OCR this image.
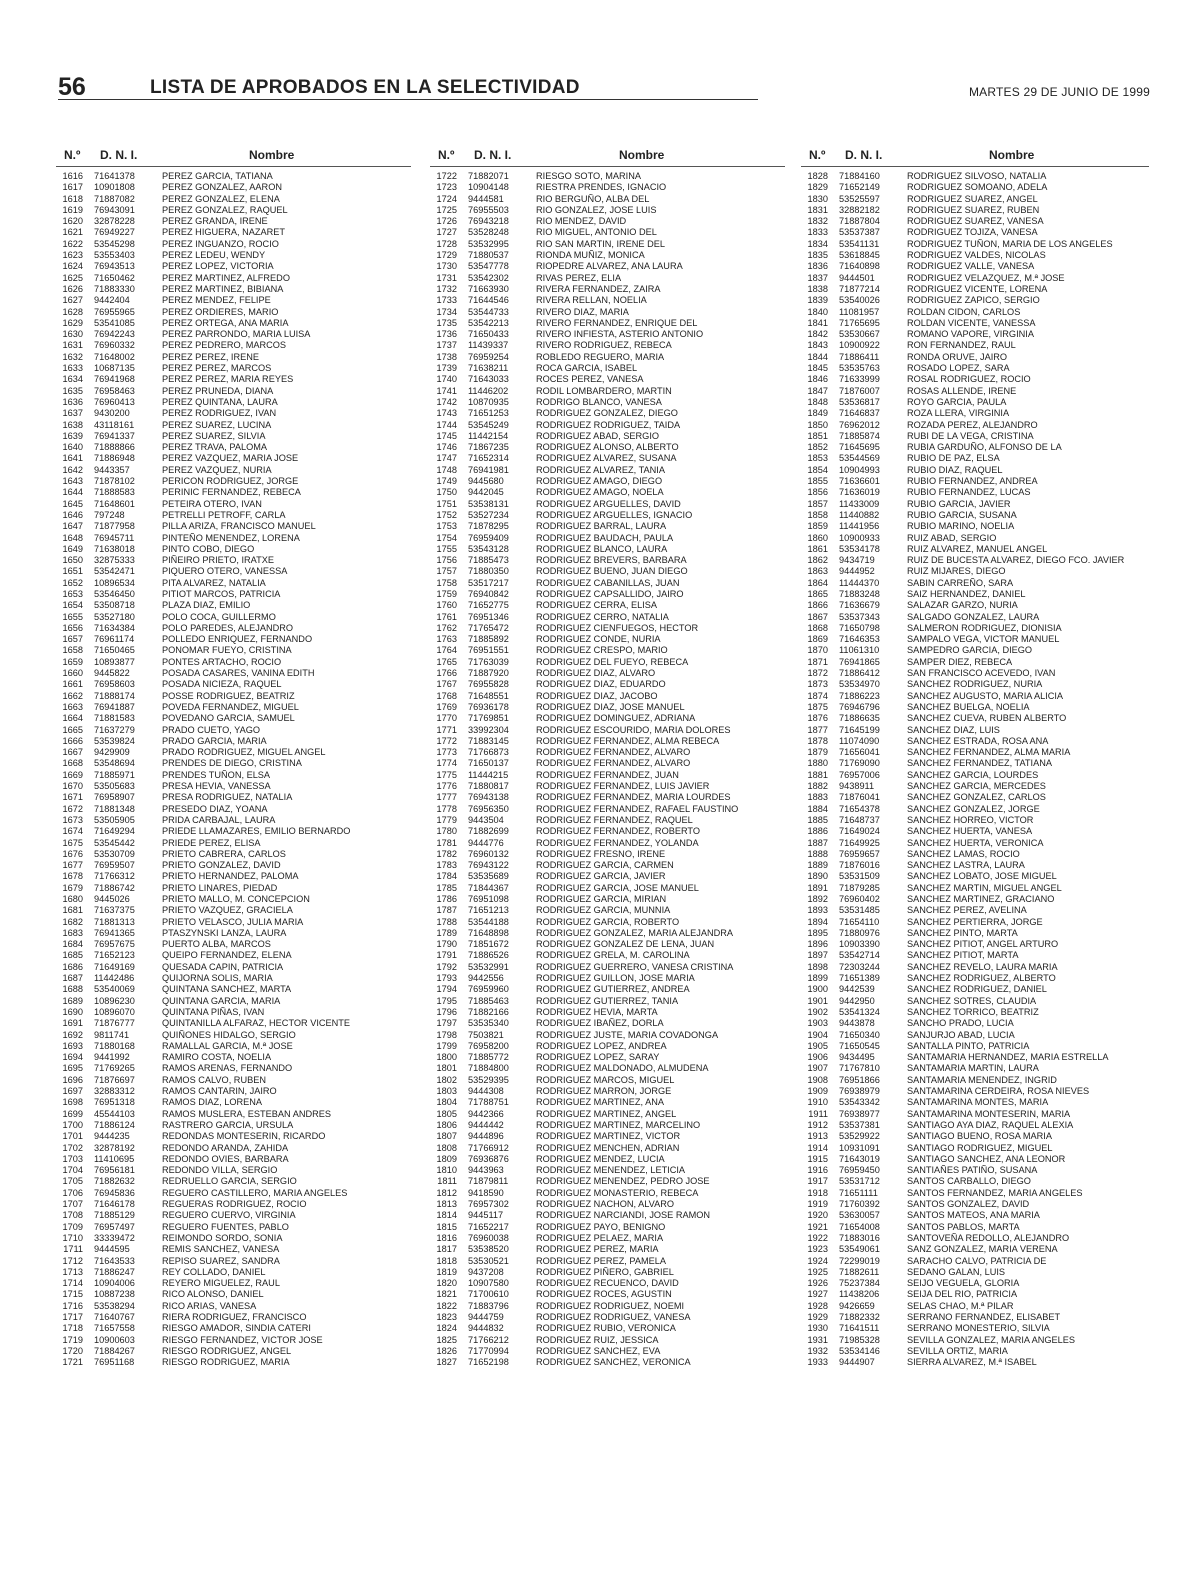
56	LISTA DE APROBADOS EN LA SELECTIVIDAD	MARTES 29 DE JUNIO DE 1999
N.º D. N. I.	Nombre
1616 71641378	PEREZ GARCIA, TATIANA
1617 10901808	PEREZ GONZALEZ, AARON
1618 71887082	PEREZ GONZALEZ, ELENA
1619 76943091	PEREZ GONZALEZ, RAQUEL
1620 32878228	PEREZ GRANDA, IRENE
1621 76949227	PEREZ HIGUERA, NAZARET
1622 53545298	PEREZ INGUANZO, ROCIO
1623 53553403	PEREZ LEDEU, WENDY
1624 76943513	PEREZ LOPEZ, VICTORIA
1625 71650462	PEREZ MARTINEZ, ALFREDO
1626 71883330	PEREZ MARTINEZ, BIBIANA
1627 9442404	PEREZ MENDEZ, FELIPE
1628 76955965	PEREZ ORDIERES, MARIO
1629 53541085	PEREZ ORTEGA, ANA MARIA
1630 76942243	PEREZ PARRONDO, MARIA LUISA
1631 76960332	PEREZ PEDRERO, MARCOS
1632 71648002	PEREZ PEREZ, IRENE
1633 10687135	PEREZ PEREZ, MARCOS
1634 76941968	PEREZ PEREZ, MARIA REYES
1635 76958463	PEREZ PRUNEDA, DIANA
1636 76960413	PEREZ QUINTANA, LAURA
1637 9430200	PEREZ RODRIGUEZ, IVAN
1638 43118161	PEREZ SUAREZ, LUCINA
1639 76941337	PEREZ SUAREZ, SILVIA
1640 71888866	PEREZ TRAVA, PALOMA
1641 71886948	PEREZ VAZQUEZ, MARIA JOSE
1642 9443357	PEREZ VAZQUEZ, NURIA
1643 71878102	PERICON RODRIGUEZ, JORGE
1644 71888583	PERINIC FERNANDEZ, REBECA
1645 71648601	PETEIRA OTERO, IVAN
1646 797248	PETRELLI PETROFF, CARLA
1647 71877958	PILLA ARIZA, FRANCISCO MANUEL
1648 76945711	PINTEÑO MENENDEZ, LORENA
1649 71638018	PINTO COBO, DIEGO
1650 32875333	PIÑEIRO PRIETO, IRATXE
1651 53542471	PIQUERO OTERO, VANESSA
1652 10896534	PITA ALVAREZ, NATALIA
1653 53546450	PITIOT MARCOS, PATRICIA
1654 53508718	PLAZA DIAZ, EMILIO
1655 53527180	POLO COCA, GUILLERMO
1656 71634384	POLO PAREDES, ALEJANDRO
1657 76961174	POLLEDO ENRIQUEZ, FERNANDO
1658 71650465	PONOMAR FUEYO, CRISTINA
1659 10893877	PONTES ARTACHO, ROCIO
1660 9445822	POSADA CASARES, VANINA EDITH
1661 76958603	POSADA NICIEZA, RAQUEL
1662 71888174	POSSE RODRIGUEZ, BEATRIZ
1663 76941887	POVEDA FERNANDEZ, MIGUEL
1664 71881583	POVEDANO GARCIA, SAMUEL
1665 71637279	PRADO CUETO, YAGO
1666 53539824	PRADO GARCIA, MARIA
1667 9429909	PRADO RODRIGUEZ, MIGUEL ANGEL
1668 53548694	PRENDES DE DIEGO, CRISTINA
1669 71885971	PRENDES TUÑON, ELSA
1670 53505683	PRESA HEVIA, VANESSA
1671 76958907	PRESA RODRIGUEZ, NATALIA
1672 71881348	PRESEDO DIAZ, YOANA
1673 53505905	PRIDA CARBAJAL, LAURA
1674 71649294	PRIEDE LLAMAZARES, EMILIO BERNARDO
1675 53545442	PRIEDE PEREZ, ELISA
1676 53530709	PRIETO CABRERA, CARLOS
1677 76959507	PRIETO GONZALEZ, DAVID
1678 71766312	PRIETO HERNANDEZ, PALOMA
1679 71886742	PRIETO LINARES, PIEDAD
1680 9445026	PRIETO MALLO, M. CONCEPCION
1681 71637375	PRIETO VAZQUEZ, GRACIELA
1682 71881313	PRIETO VELASCO, JULIA MARIA
1683 76941365	PTASZYNSKI LANZA, LAURA
1684 76957675	PUERTO ALBA, MARCOS
1685 71652123	QUEIPO FERNANDEZ, ELENA
1686 71649169	QUESADA CAPIN, PATRICIA
1687 11442486	QUIJORNA SOLIS, MARIA
1688 53540069	QUINTANA SANCHEZ, MARTA
1689 10896230	QUINTANA GARCIA, MARIA
1690 10896070	QUINTANA PIÑAS, IVAN
1691 71876777	QUINTANILLA ALFARAZ, HECTOR VICENTE
1692 9811741	QUIÑONES HIDALGO, SERGIO
1693 71880168	RAMALLAL GARCIA, M.ª JOSE
1694 9441992	RAMIRO COSTA, NOELIA
1695 71769265	RAMOS ARENAS, FERNANDO
1696 71876697	RAMOS CALVO, RUBEN
1697 32883312	RAMOS CANTARIN, JAIRO
1698 76951318	RAMOS DIAZ, LORENA
1699 45544103	RAMOS MUSLERA, ESTEBAN ANDRES
1700 71886124	RASTRERO GARCIA, URSULA
1701 9444235	REDONDAS MONTESERIN, RICARDO
1702 32878192	REDONDO ARANDA, ZAHIDA
1703 11410695	REDONDO OVIES, BARBARA
1704 76956181	REDONDO VILLA, SERGIO
1705 71882632	REDRUELLO GARCIA, SERGIO
1706 76945836	REGUERO CASTILLERO, MARIA ANGELES
1707 71646178	REGUERAS RODRIGUEZ, ROCIO
1708 71885129	REGUERO CUERVO, VIRGINIA
1709 76957497	REGUERO FUENTES, PABLO
1710 33339472	REIMONDO SORDO, SONIA
1711 9444595	REMIS SANCHEZ, VANESA
1712 71643533	REPISO SUAREZ, SANDRA
1713 71886247	REY COLLADO, DANIEL
1714 10904006	REYERO MIGUELEZ, RAUL
1715 10887238	RICO ALONSO, DANIEL
1716 53538294	RICO ARIAS, VANESA
1717 71640767	RIERA RODRIGUEZ, FRANCISCO
1718 71657558	RIESGO AMADOR, SINDIA CATERI
1719 10900603	RIESGO FERNANDEZ, VICTOR JOSE
1720 71884267	RIESGO RODRIGUEZ, ANGEL
1721 76951168	RIESGO RODRIGUEZ, MARIA
N.º D. N. I.	Nombre
1722 71882071	RIESGO SOTO, MARINA
1723 10904148	RIESTRA PRENDES, IGNACIO
1724 9444581	RIO BERGUÑO, ALBA DEL
1725 76955503	RIO GONZALEZ, JOSE LUIS
1726 76943218	RIO MENDEZ, DAVID
1727 53528248	RIO MIGUEL, ANTONIO DEL
1728 53532995	RIO SAN MARTIN, IRENE DEL
1729 71880537	RIONDA MUÑIZ, MONICA
1730 53547778	RIOPEDRE ALVAREZ, ANA LAURA
1731 53542302	RIVAS PEREZ, ELIA
1732 71663930	RIVERA FERNANDEZ, ZAIRA
1733 71644546	RIVERA RELLAN, NOELIA
1734 53544733	RIVERO DIAZ, MARIA
1735 53542213	RIVERO FERNANDEZ, ENRIQUE DEL
1736 71650433	RIVERO INFIESTA, ASTERIO ANTONIO
1737 11439337	RIVERO RODRIGUEZ, REBECA
1738 76959254	ROBLEDO REGUERO, MARIA
1739 71638211	ROCA GARCIA, ISABEL
1740 71643033	ROCES PEREZ, VANESA
1741 11446202	RODIL LOMBARDERO, MARTIN
1742 10870935	RODRIGO BLANCO, VANESA
1743 71651253	RODRIGUEZ GONZALEZ, DIEGO
1744 53545249	RODRIGUEZ RODRIGUEZ, TAIDA
1745 11442154	RODRIGUEZ ABAD, SERGIO
1746 71867235	RODRIGUEZ ALONSO, ALBERTO
1747 71652314	RODRIGUEZ ALVAREZ, SUSANA
1748 76941981	RODRIGUEZ ALVAREZ, TANIA
1749 9445680	RODRIGUEZ AMAGO, DIEGO
1750 9442045	RODRIGUEZ AMAGO, NOELA
1751 53538131	RODRIGUEZ ARGUELLES, DAVID
1752 53527234	RODRIGUEZ ARGUELLES, IGNACIO
1753 71878295	RODRIGUEZ BARRAL, LAURA
1754 76959409	RODRIGUEZ BAUDACH, PAULA
1755 53543128	RODRIGUEZ BLANCO, LAURA
1756 71885473	RODRIGUEZ BREVERS, BARBARA
1757 71880350	RODRIGUEZ BUENO, JUAN DIEGO
1758 53517217	RODRIGUEZ CABANILLAS, JUAN
1759 76940842	RODRIGUEZ CAPSALLIDO, JAIRO
1760 71652775	RODRIGUEZ CERRA, ELISA
1761 76951346	RODRIGUEZ CERRO, NATALIA
1762 71765472	RODRIGUEZ CIENFUEGOS, HECTOR
1763 71885892	RODRIGUEZ CONDE, NURIA
1764 76951551	RODRIGUEZ CRESPO, MARIO
1765 71763039	RODRIGUEZ DEL FUEYO, REBECA
1766 71887920	RODRIGUEZ DIAZ, ALVARO
1767 76955828	RODRIGUEZ DIAZ, EDUARDO
1768 71648551	RODRIGUEZ DIAZ, JACOBO
1769 76936178	RODRIGUEZ DIAZ, JOSE MANUEL
1770 71769851	RODRIGUEZ DOMINGUEZ, ADRIANA
1771 33992304	RODRIGUEZ ESCOURIDO, MARIA DOLORES
1772 71883145	RODRIGUEZ FERNANDEZ, ALMA REBECA
1773 71766873	RODRIGUEZ FERNANDEZ, ALVARO
1774 71650137	RODRIGUEZ FERNANDEZ, ALVARO
1775 11444215	RODRIGUEZ FERNANDEZ, JUAN
1776 71880817	RODRIGUEZ FERNANDEZ, LUIS JAVIER
1777 76943138	RODRIGUEZ FERNANDEZ, MARIA LOURDES
1778 76956350	RODRIGUEZ FERNANDEZ, RAFAEL FAUSTINO
1779 9443504	RODRIGUEZ FERNANDEZ, RAQUEL
1780 71882699	RODRIGUEZ FERNANDEZ, ROBERTO
1781 9444776	RODRIGUEZ FERNANDEZ, YOLANDA
1782 76960132	RODRIGUEZ FRESNO, IRENE
1783 76943122	RODRIGUEZ GARCIA, CARMEN
1784 53535689	RODRIGUEZ GARCIA, JAVIER
1785 71844367	RODRIGUEZ GARCIA, JOSE MANUEL
1786 76951098	RODRIGUEZ GARCIA, MIRIAN
1787 71651213	RODRIGUEZ GARCIA, MUNNIA
1788 53544188	RODRIGUEZ GARCIA, ROBERTO
1789 71648898	RODRIGUEZ GONZALEZ, MARIA ALEJANDRA
1790 71851672	RODRIGUEZ GONZALEZ DE LENA, JUAN
1791 71886526	RODRIGUEZ GRELA, M. CAROLINA
1792 53532991	RODRIGUEZ GUERRERO, VANESA CRISTINA
1793 9442556	RODRIGUEZ GUILLON, JOSE MARIA
1794 76959960	RODRIGUEZ GUTIERREZ, ANDREA
1795 71885463	RODRIGUEZ GUTIERREZ, TANIA
1796 71882166	RODRIGUEZ HEVIA, MARTA
1797 53535340	RODRIGUEZ IBAÑEZ, DORLA
1798 7503821	RODRIGUEZ JUSTE, MARIA COVADONGA
1799 76958200	RODRIGUEZ LOPEZ, ANDREA
1800 71885772	RODRIGUEZ LOPEZ, SARAY
1801 71884800	RODRIGUEZ MALDONADO, ALMUDENA
1802 53529395	RODRIGUEZ MARCOS, MIGUEL
1803 9444308	RODRIGUEZ MARRON, JORGE
1804 71788751	RODRIGUEZ MARTINEZ, ANA
1805 9442366	RODRIGUEZ MARTINEZ, ANGEL
1806 9444442	RODRIGUEZ MARTINEZ, MARCELINO
1807 9444896	RODRIGUEZ MARTINEZ, VICTOR
1808 71766912	RODRIGUEZ MENCHEN, ADRIAN
1809 76936876	RODRIGUEZ MENDEZ, LUCIA
1810 9443963	RODRIGUEZ MENENDEZ, LETICIA
1811 71879811	RODRIGUEZ MENENDEZ, PEDRO JOSE
1812 9418590	RODRIGUEZ MONASTERIO, REBECA
1813 76957302	RODRIGUEZ NACHON, ALVARO
1814 9445117	RODRIGUEZ NARCIANDI, JOSE RAMON
1815 71652217	RODRIGUEZ PAYO, BENIGNO
1816 76960038	RODRIGUEZ PELAEZ, MARIA
1817 53538520	RODRIGUEZ PEREZ, MARIA
1818 53530521	RODRIGUEZ PEREZ, PAMELA
1819 9437208	RODRIGUEZ PIÑERO, GABRIEL
1820 10907580	RODRIGUEZ RECUENCO, DAVID
1821 71700610	RODRIGUEZ ROCES, AGUSTIN
1822 71883796	RODRIGUEZ RODRIGUEZ, NOEMI
1823 9444759	RODRIGUEZ RODRIGUEZ, VANESA
1824 9444832	RODRIGUEZ RUBIO, VERONICA
1825 71766212	RODRIGUEZ RUIZ, JESSICA
1826 71770994	RODRIGUEZ SANCHEZ, EVA
1827 71652198	RODRIGUEZ SANCHEZ, VERONICA
N.º D. N. I.	Nombre
1828 71884160	RODRIGUEZ SILVOSO, NATALIA
1829 71652149	RODRIGUEZ SOMOANO, ADELA
1830 53525597	RODRIGUEZ SUAREZ, ANGEL
1831 32882182	RODRIGUEZ SUAREZ, RUBEN
1832 71887804	RODRIGUEZ SUAREZ, VANESA
1833 53537387	RODRIGUEZ TOJIZA, VANESA
1834 53541131	RODRIGUEZ TUÑON, MARIA DE LOS ANGELES
1835 53618845	RODRIGUEZ VALDES, NICOLAS
1836 71640898	RODRIGUEZ VALLE, VANESA
1837 9444501	RODRIGUEZ VELAZQUEZ, M.ª JOSE
1838 71877214	RODRIGUEZ VICENTE, LORENA
1839 53540026	RODRIGUEZ ZAPICO, SERGIO
1840 11081957	ROLDAN CIDON, CARLOS
1841 71765695	ROLDAN VICENTE, VANESSA
1842 53530667	ROMANO VAPORE, VIRGINIA
1843 10900922	RON FERNANDEZ, RAUL
1844 71886411	RONDA ORUVE, JAIRO
1845 53535763	ROSADO LOPEZ, SARA
1846 71633999	ROSAL RODRIGUEZ, ROCIO
1847 71876007	ROSAS ALLENDE, IRENE
1848 53536817	ROYO GARCIA, PAULA
1849 71646837	ROZA LLERA, VIRGINIA
1850 76962012	ROZADA PEREZ, ALEJANDRO
1851 71885874	RUBI DE LA VEGA, CRISTINA
1852 71645695	RUBIA GARDUÑO, ALFONSO DE LA
1853 53544569	RUBIO DE PAZ, ELSA
1854 10904993	RUBIO DIAZ, RAQUEL
1855 71636601	RUBIO FERNANDEZ, ANDREA
1856 71636019	RUBIO FERNANDEZ, LUCAS
1857 11433009	RUBIO GARCIA, JAVIER
1858 11440882	RUBIO GARCIA, SUSANA
1859 11441956	RUBIO MARINO, NOELIA
1860 10900933	RUIZ ABAD, SERGIO
1861 53534178	RUIZ ALVAREZ, MANUEL ANGEL
1862 9434719	RUIZ DE BUCESTA ALVAREZ, DIEGO FCO. JAVIER
1863 9444952	RUIZ MIJARES, DIEGO
1864 11444370	SABIN CARREÑO, SARA
1865 71883248	SAIZ HERNANDEZ, DANIEL
1866 71636679	SALAZAR GARZO, NURIA
1867 53537343	SALGADO GONZALEZ, LAURA
1868 71650798	SALMERON RODRIGUEZ, DIONISIA
1869 71646353	SAMPALO VEGA, VICTOR MANUEL
1870 11061310	SAMPEDRO GARCIA, DIEGO
1871 76941865	SAMPER DIEZ, REBECA
1872 71886412	SAN FRANCISCO ACEVEDO, IVAN
1873 53534970	SANCHEZ RODRIGUEZ, NURIA
1874 71886223	SANCHEZ AUGUSTO, MARIA ALICIA
1875 76946796	SANCHEZ BUELGA, NOELIA
1876 71886635	SANCHEZ CUEVA, RUBEN ALBERTO
1877 71645199	SANCHEZ DIAZ, LUIS
1878 11074090	SANCHEZ ESTRADA, ROSA ANA
1879 71656041	SANCHEZ FERNANDEZ, ALMA MARIA
1880 71769090	SANCHEZ FERNANDEZ, TATIANA
1881 76957006	SANCHEZ GARCIA, LOURDES
1882 9438911	SANCHEZ GARCIA, MERCEDES
1883 71876041	SANCHEZ GONZALEZ, CARLOS
1884 71654378	SANCHEZ GONZALEZ, JORGE
1885 71648737	SANCHEZ HORREO, VICTOR
1886 71649024	SANCHEZ HUERTA, VANESA
1887 71649925	SANCHEZ HUERTA, VERONICA
1888 76959657	SANCHEZ LAMAS, ROCIO
1889 71876016	SANCHEZ LASTRA, LAURA
1890 53531509	SANCHEZ LOBATO, JOSE MIGUEL
1891 71879285	SANCHEZ MARTIN, MIGUEL ANGEL
1892 76960402	SANCHEZ MARTINEZ, GRACIANO
1893 53531485	SANCHEZ PEREZ, AVELINA
1894 71654110	SANCHEZ PERTIERRA, JORGE
1895 71880976	SANCHEZ PINTO, MARTA
1896 10903390	SANCHEZ PITIOT, ANGEL ARTURO
1897 53542714	SANCHEZ PITIOT, MARTA
1898 72303244	SANCHEZ REVELO, LAURA MARIA
1899 71651389	SANCHEZ RODRIGUEZ, ALBERTO
1900 9442539	SANCHEZ RODRIGUEZ, DANIEL
1901 9442950	SANCHEZ SOTRES, CLAUDIA
1902 53541324	SANCHEZ TORRICO, BEATRIZ
1903 9443878	SANCHO PRADO, LUCIA
1904 71650340	SANJURJO ABAD, LUCIA
1905 71650545	SANTALLA PINTO, PATRICIA
1906 9434495	SANTAMARIA HERNANDEZ, MARIA ESTRELLA
1907 71767810	SANTAMARIA MARTIN, LAURA
1908 76951866	SANTAMARIA MENENDEZ, INGRID
1909 76938979	SANTAMARINA CERDEIRA, ROSA NIEVES
1910 53543342	SANTAMARINA MONTES, MARIA
1911 76938977	SANTAMARINA MONTESERIN, MARIA
1912 53537381	SANTIAGO AYA DIAZ, RAQUEL ALEXIA
1913 53529922	SANTIAGO BUENO, ROSA MARIA
1914 10931091	SANTIAGO RODRIGUEZ, MIGUEL
1915 71643019	SANTIAGO SANCHEZ, ANA LEONOR
1916 76959450	SANTIAÑES PATIÑO, SUSANA
1917 53531712	SANTOS CARBALLO, DIEGO
1918 71651111	SANTOS FERNANDEZ, MARIA ANGELES
1919 71760392	SANTOS GONZALEZ, DAVID
1920 53630057	SANTOS MATEOS, ANA MARIA
1921 71654008	SANTOS PABLOS, MARTA
1922 71883016	SANTOVEÑA REDOLLO, ALEJANDRO
1923 53549061	SANZ GONZALEZ, MARIA VERENA
1924 72299019	SARACHO CALVO, PATRICIA DE
1925 71882611	SEDANO GALAN, LUIS
1926 75237384	SEIJO VEGUELA, GLORIA
1927 11438206	SEIJA DEL RIO, PATRICIA
1928 9426659	SELAS CHAO, M.ª PILAR
1929 71882332	SERRANO FERNANDEZ, ELISABET
1930 71641511	SERRANO MONESTERIO, SILVIA
1931 71985328	SEVILLA GONZALEZ, MARIA ANGELES
1932 53534146	SEVILLA ORTIZ, MARIA
1933 9444907	SIERRA ALVAREZ, M.ª ISABEL
